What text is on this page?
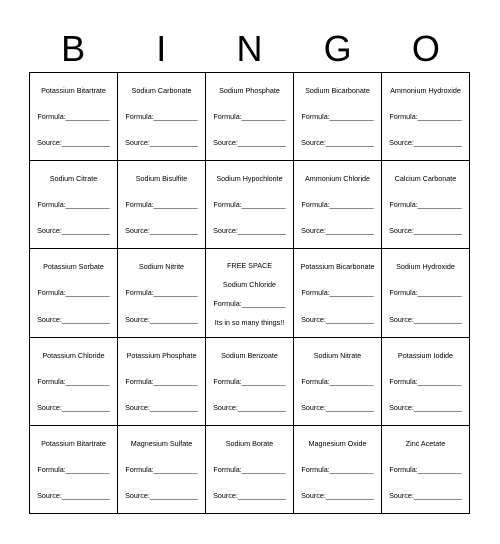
B	I	N	G	O
Potassium Bitartrate
Formula:___________
Source:____________
Sodium Carbonate
Formula:___________
Source:____________
Sodium Phosphate
Formula:___________
Source:____________
Sodium Bicarbonate
Formula:___________
Source:____________
Ammonium Hydroxide
Formula:___________
Source:____________
Sodium Citrate
Formula:___________
Source:____________
Sodium Bisulfite
Formula:___________
Source:____________
Sodium Hypochlorite
Formula:___________
Source:____________
Ammonium Chloride
Formula:___________
Source:____________
Calcium Carbonate
Formula:___________
Source:____________
Potassium Sorbate
Formula:___________
Source:____________
Sodium Nitrite
Formula:___________
Source:____________
FREE SPACE
Sodium Chloride
Formula:___________
Its in so many things!!
Potassium Bicarbonate
Formula:___________
Source:____________
Sodium Hydroxide
Formula:___________
Source:____________
Potassium Chloride
Formula:___________
Source:____________
Potassium Phosphate
Formula:___________
Source:____________
Sodium Benzoate
Formula:___________
Source:____________
Sodium Nitrate
Formula:___________
Source:____________
Potassium Iodide
Formula:___________
Source:____________
Potassium Bitartrate
Formula:___________
Source:____________
Magnesium Sulfate
Formula:___________
Source:____________
Sodium Borate
Formula:___________
Source:____________
Magnesium Oxide
Formula:___________
Source:____________
Zinc Acetate
Formula:___________
Source:____________
